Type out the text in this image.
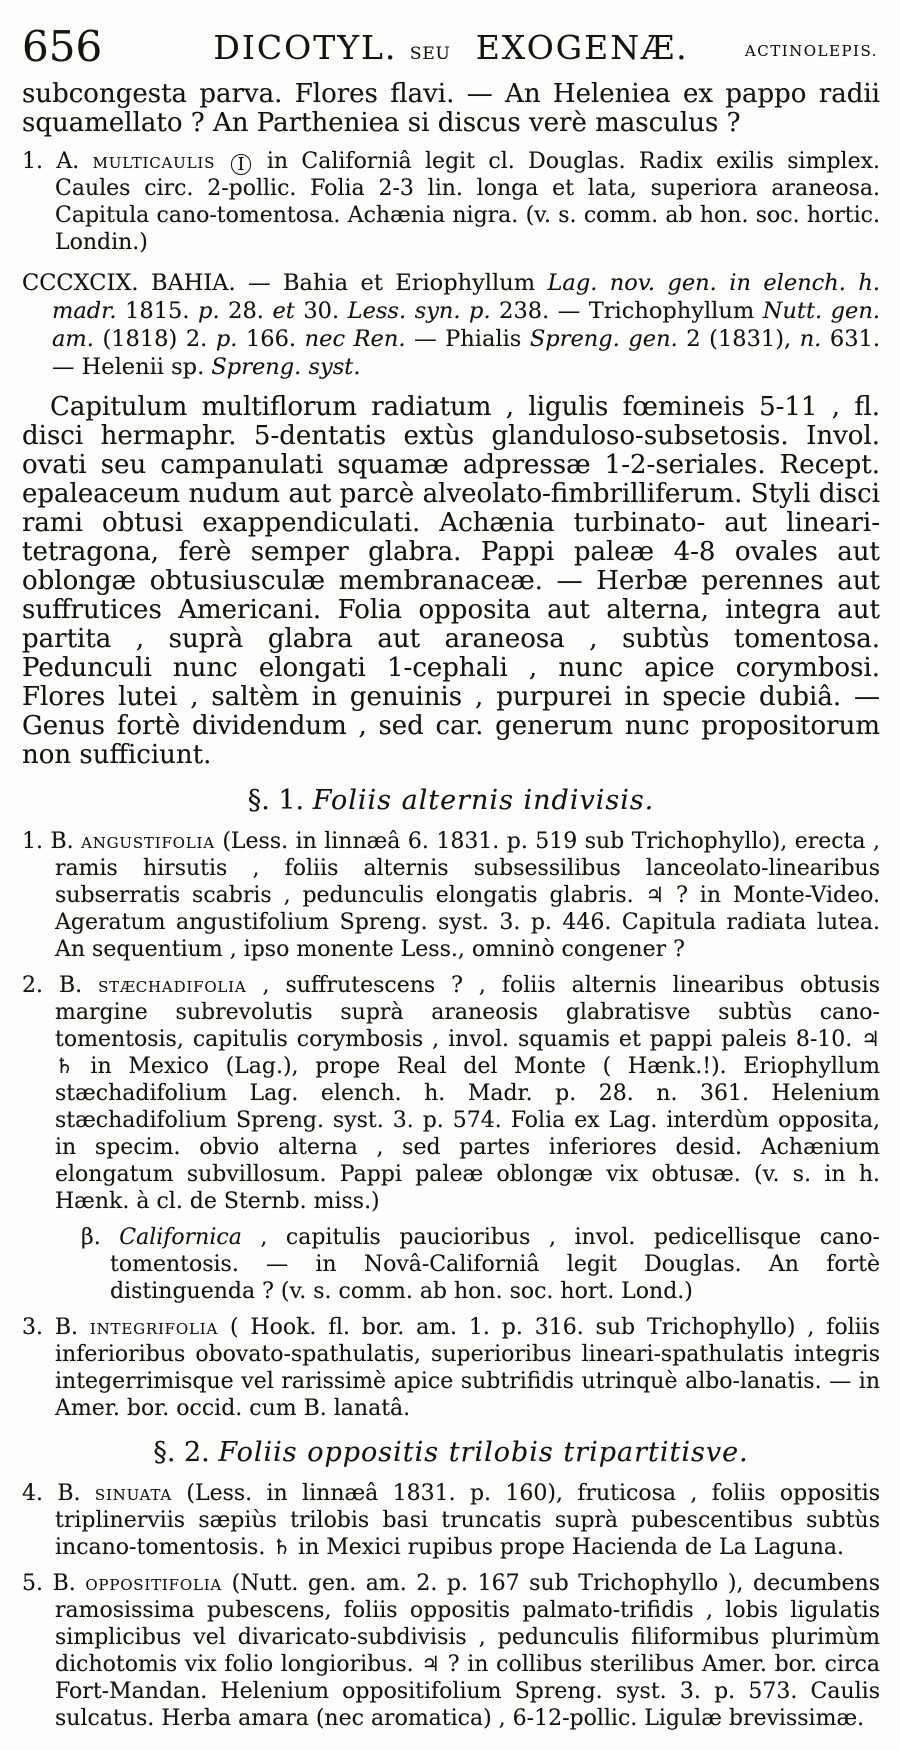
656	DICOTYL. seu EXOGENÆ.	ACTINOLEPIS.
subcongesta parva. Flores flavi. — An Heleniea ex pappo radii squamellato ? An Partheniea si discus verè masculus ?
1. A. multicaulis I in Californiâ legit cl. Douglas. Radix exilis simplex. Caules circ. 2-pollic. Folia 2-3 lin. longa et lata, superiora araneosa. Capitula cano-tomentosa. Achænia nigra. (v. s. comm. ab hon. soc. hortic. Londin.)
CCCXCIX. BAHIA. — Bahia et Eriophyllum Lag. nov. gen. in elench. h. madr. 1815. p. 28. et 30. Less. syn. p. 238. — Trichophyllum Nutt. gen. am. (1818) 2. p. 166. nec Ren. — Phialis Spreng. gen. 2 (1831), n. 631. — Helenii sp. Spreng. syst.
Capitulum multiflorum radiatum , ligulis fœmineis 5-11 , fl. disci hermaphr. 5-dentatis extùs glanduloso-subsetosis. Invol. ovati seu campanulati squamæ adpressæ 1-2-seriales. Recept. epaleaceum nudum aut parcè alveolato-fimbrilliferum. Styli disci rami obtusi exappendiculati. Achænia turbinato- aut lineari-tetragona, ferè semper glabra. Pappi paleæ 4-8 ovales aut oblongæ obtusiusculæ membranaceæ. — Herbæ perennes aut suffrutices Americani. Folia opposita aut alterna, integra aut partita , suprà glabra aut araneosa , subtùs tomentosa. Pedunculi nunc elongati 1-cephali , nunc apice corymbosi. Flores lutei , saltèm in genuinis , purpurei in specie dubiâ. — Genus fortè dividendum , sed car. generum nunc propositorum non sufficiunt.
§. 1. Foliis alternis indivisis.
1. B. angustifolia (Less. in linnæâ 6. 1831. p. 519 sub Trichophyllo), erecta , ramis hirsutis , foliis alternis subsessilibus lanceolato-linearibus subserratis scabris , pedunculis elongatis glabris. ♃ ? in Monte-Video. Ageratum angustifolium Spreng. syst. 3. p. 446. Capitula radiata lutea. An sequentium , ipso monente Less., omninò congener ?
2. B. stæchadifolia , suffrutescens ? , foliis alternis linearibus obtusis margine subrevolutis suprà araneosis glabratisve subtùs cano-tomentosis, capitulis corymbosis , invol. squamis et pappi paleis 8-10. ♃ ♄ in Mexico (Lag.), prope Real del Monte ( Hænk.!). Eriophyllum stæchadifolium Lag. elench. h. Madr. p. 28. n. 361. Helenium stæchadifolium Spreng. syst. 3. p. 574. Folia ex Lag. interdùm opposita, in specim. obvio alterna , sed partes inferiores desid. Achænium elongatum subvillosum. Pappi paleæ oblongæ vix obtusæ. (v. s. in h. Hænk. à cl. de Sternb. miss.)
β. Californica , capitulis paucioribus , invol. pedicellisque cano-tomentosis. — in Novâ-Californiâ legit Douglas. An fortè distinguenda ? (v. s. comm. ab hon. soc. hort. Lond.)
3. B. integrifolia ( Hook. fl. bor. am. 1. p. 316. sub Trichophyllo) , foliis inferioribus obovato-spathulatis, superioribus lineari-spathulatis integris integerrimisque vel rarissimè apice subtrifidis utrinquè albo-lanatis. — in Amer. bor. occid. cum B. lanatâ.
§. 2. Foliis oppositis trilobis tripartitisve.
4. B. sinuata (Less. in linnæâ 1831. p. 160), fruticosa , foliis oppositis triplinerviis sæpiùs trilobis basi truncatis suprà pubescentibus subtùs incano-tomentosis. ♄ in Mexici rupibus prope Hacienda de La Laguna.
5. B. oppositifolia (Nutt. gen. am. 2. p. 167 sub Trichophyllo ), decumbens ramosissima pubescens, foliis oppositis palmato-trifidis , lobis ligulatis simplicibus vel divaricato-subdivisis , pedunculis filiformibus plurimùm dichotomis vix folio longioribus. ♃ ? in collibus sterilibus Amer. bor. circa Fort-Mandan. Helenium oppositifolium Spreng. syst. 3. p. 573. Caulis sulcatus. Herba amara (nec aromatica) , 6-12-pollic. Ligulæ brevissimæ.
